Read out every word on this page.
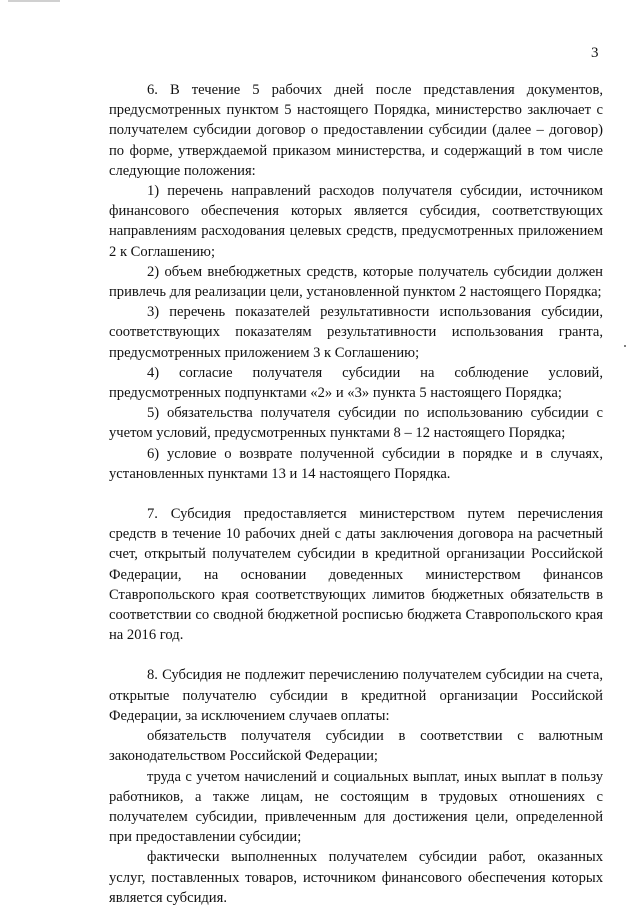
3

6. В течение 5 рабочих дней после представления документов, предусмотренных пунктом 5 настоящего Порядка, министерство заключает с получателем субсидии договор о предоставлении субсидии (далее – договор) по форме, утверждаемой приказом министерства, и содержащий в том числе следующие положения:

1) перечень направлений расходов получателя субсидии, источником финансового обеспечения которых является субсидия, соответствующих направлениям расходования целевых средств, предусмотренных приложением 2 к Соглашению;

2) объем внебюджетных средств, которые получатель субсидии должен привлечь для реализации цели, установленной пунктом 2 настоящего Порядка;

3) перечень показателей результативности использования субсидии, соответствующих показателям результативности использования гранта, предусмотренных приложением 3 к Соглашению;

4) согласие получателя субсидии на соблюдение условий, предусмотренных подпунктами «2» и «3» пункта 5 настоящего Порядка;

5) обязательства получателя субсидии по использованию субсидии с учетом условий, предусмотренных пунктами 8 – 12 настоящего Порядка;

6) условие о возврате полученной субсидии в порядке и в случаях, установленных пунктами 13 и 14 настоящего Порядка.

7. Субсидия предоставляется министерством путем перечисления средств в течение 10 рабочих дней с даты заключения договора на расчетный счет, открытый получателем субсидии в кредитной организации Российской Федерации, на основании доведенных министерством финансов Ставропольского края соответствующих лимитов бюджетных обязательств в соответствии со сводной бюджетной росписью бюджета Ставропольского края на 2016 год.

8. Субсидия не подлежит перечислению получателем субсидии на счета, открытые получателю субсидии в кредитной организации Российской Федерации, за исключением случаев оплаты:

обязательств получателя субсидии в соответствии с валютным законодательством Российской Федерации;

труда с учетом начислений и социальных выплат, иных выплат в пользу работников, а также лицам, не состоящим в трудовых отношениях с получателем субсидии, привлеченным для достижения цели, определенной при предоставлении субсидии;

фактически выполненных получателем субсидии работ, оказанных услуг, поставленных товаров, источником финансового обеспечения которых является субсидия.
